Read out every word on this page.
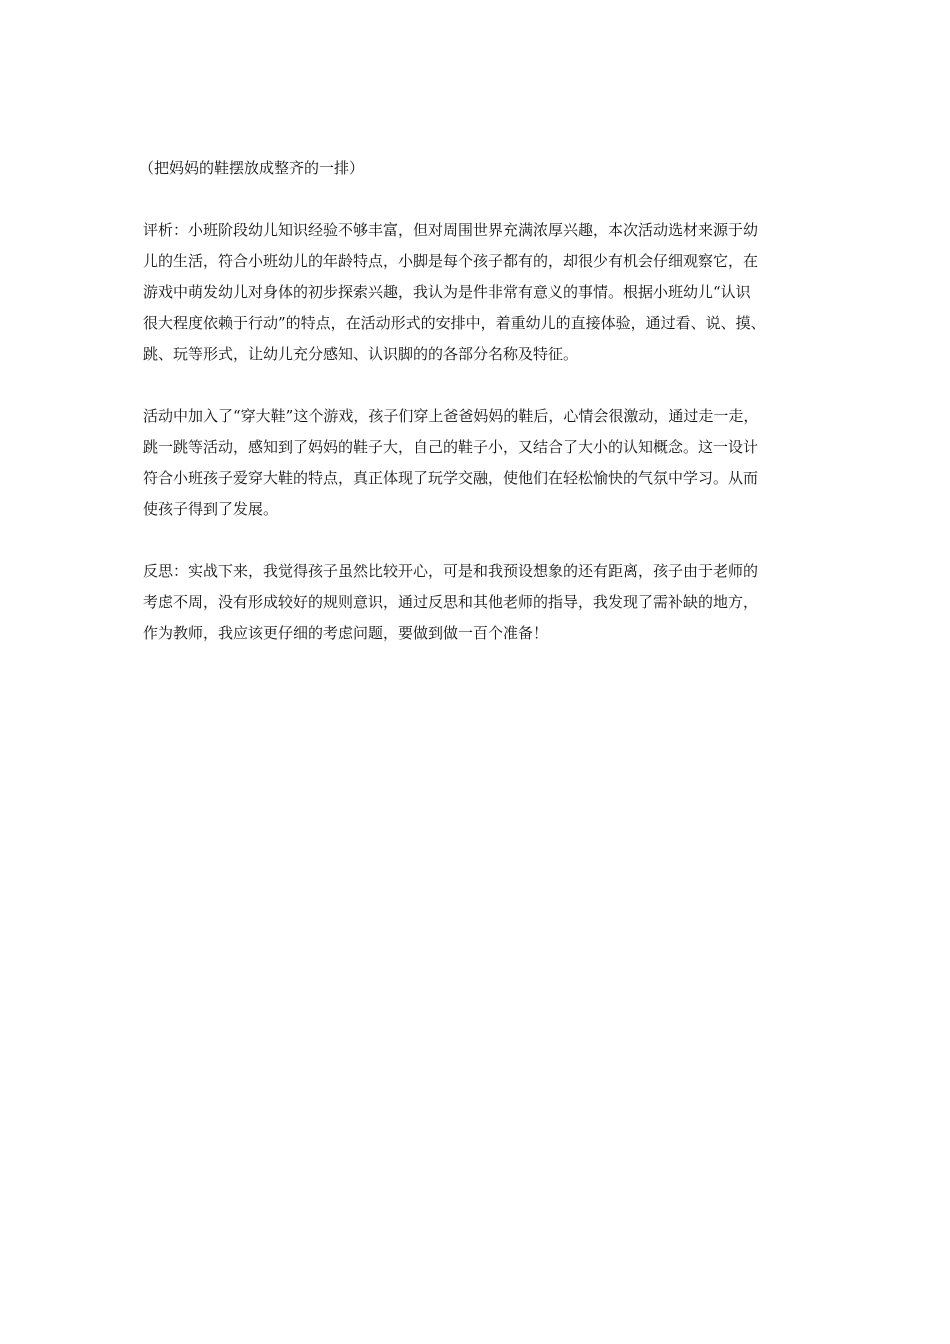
（把妈妈的鞋摆放成整齐的一排）
评析：小班阶段幼儿知识经验不够丰富，但对周围世界充满浓厚兴趣，本次活动选材来源于幼
儿的生活，符合小班幼儿的年龄特点，小脚是每个孩子都有的，却很少有机会仔细观察它，在
游戏中萌发幼儿对身体的初步探索兴趣，我认为是件非常有意义的事情。根据小班幼儿“认识
很大程度依赖于行动”的特点，在活动形式的安排中，着重幼儿的直接体验，通过看、说、摸、
跳、玩等形式，让幼儿充分感知、认识脚的的各部分名称及特征。
活动中加入了“穿大鞋”这个游戏，孩子们穿上爸爸妈妈的鞋后，心情会很激动，通过走一走，
跳一跳等活动，感知到了妈妈的鞋子大，自己的鞋子小，又结合了大小的认知概念。这一设计
符合小班孩子爱穿大鞋的特点，真正体现了玩学交融，使他们在轻松愉快的气氛中学习。从而
使孩子得到了发展。
反思：实战下来，我觉得孩子虽然比较开心，可是和我预设想象的还有距离，孩子由于老师的
考虑不周，没有形成较好的规则意识，通过反思和其他老师的指导，我发现了需补缺的地方，
作为教师，我应该更仔细的考虑问题，要做到做一百个准备！
